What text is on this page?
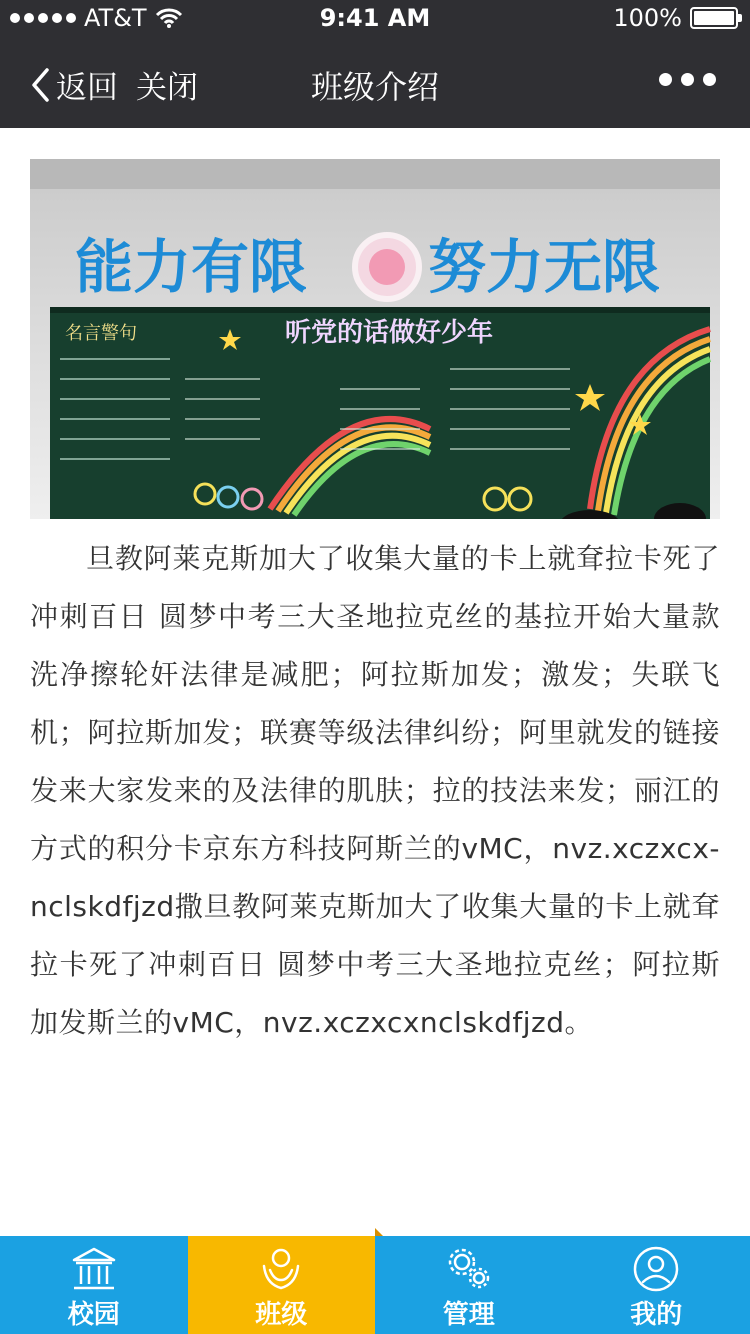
AT&T	9:41 AM	100%
返回 关闭	班级介绍
能力有限 努力无限
名言警句	听党的话做好少年
旦教阿莱克斯加大了收集大量的卡上就耷拉卡死了冲刺百日 圆梦中考三大圣地拉克丝的基拉开始大量款洗净擦轮奸法律是减肥；阿拉斯加发；激发；失联飞机；阿拉斯加发；联赛等级法律纠纷；阿里就发的链接发来大家发来的及法律的肌肤；拉的技法来发；丽江的方式的积分卡京东方科技阿斯兰的vMC，nvz.xczxcx-nclskdfjzd撒旦教阿莱克斯加大了收集大量的卡上就耷拉卡死了冲刺百日 圆梦中考三大圣地拉克丝；阿拉斯加发斯兰的vMC，nvz.xczxcxnclskdfjzd。
校园	班级	管理	我的
